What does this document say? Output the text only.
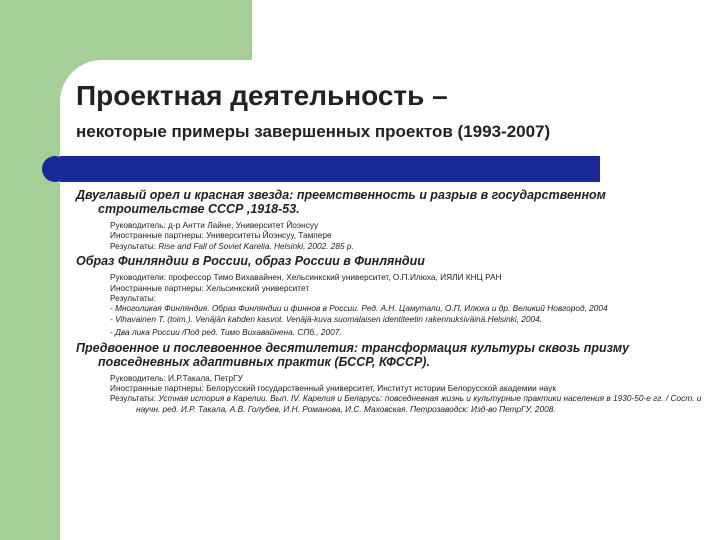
Проектная деятельность –
некоторые примеры завершенных проектов (1993-2007)

Двуглавый орел и красная звезда: преемственность и разрыв в государственном строительстве СССР ,1918-53.

Руководитель: д-р Антти Лайне, Университет Йоэнсуу
Иностранные партнеры: Университеты Йоэнсуу, Тампере
Результаты: Rise and Fall of Soviet Karelia. Helsinki, 2002. 285 p.

Образ Финляндии в России, образ России в Финляндии

Руководители: профессор Тимо Вихавайнен, Хельсинкский университет, О.П.Илюха, ИЯЛИ КНЦ РАН
Иностранные партнеры: Хельсинкский университет
Результаты:
- Многоликая Финляндия. Образ Финляндии и финнов в России. Ред. А.Н. Цамутали, О.П. Илюха и др. Великий Новгород, 2004
- Vihavainen T. (toim.). Venäjän kahden kasvot. Venäjä-kuva suomalaisen identiteetin rakennuksiväinä.Helsinki, 2004.
- Два лика России /Под ред. Тимо Вихавайнена. СПб., 2007.

Предвоенное и послевоенное десятилетия: трансформация культуры сквозь призму повседневных адаптивных практик (БССР, КФССР).

Руководитель: И.Р.Такала, ПетрГУ
Иностранные партнеры: Белорусский государственный университет, Институт истории Белорусской академии наук
Результаты: Устная история в Карелии. Вып. IV. Карелия и Беларусь: повседневная жизнь и культурные практики населения в 1930-50-е гг. / Сост. и научн. ред. И.Р. Такала, А.В. Голубев, И.Н. Романова, И.С. Маховская. Петрозаводск: Изд-во ПетрГУ, 2008.
